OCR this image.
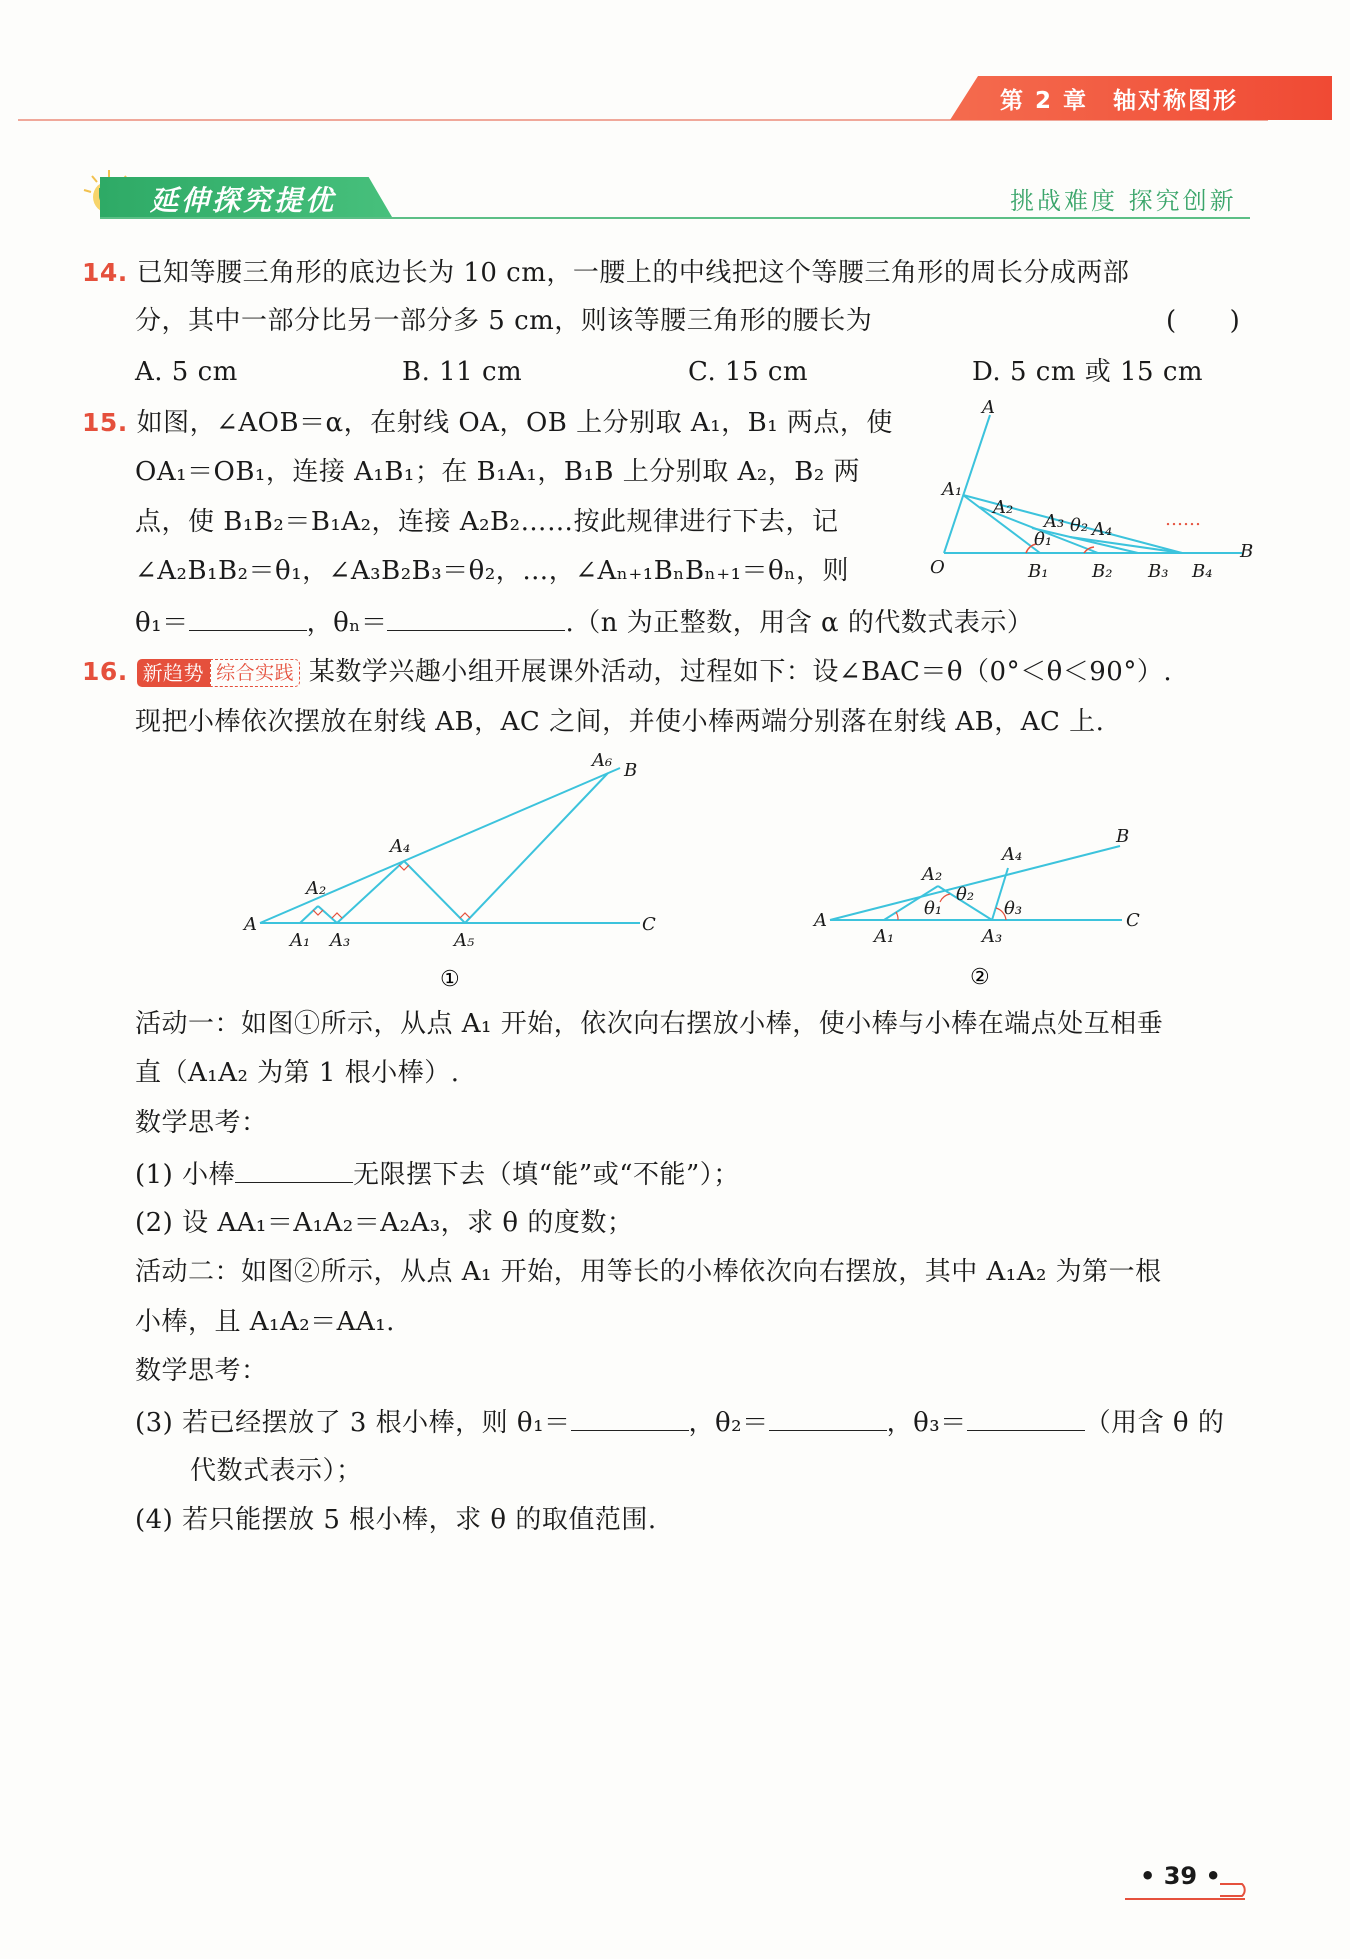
第 2 章　轴对称图形
延伸探究提优	挑战难度 探究创新
14. 已知等腰三角形的底边长为 10 cm，一腰上的中线把这个等腰三角形的周长分成两部
分，其中一部分比另一部分多 5 cm，则该等腰三角形的腰长为	(　　)
A. 5 cm	B. 11 cm	C. 15 cm	D. 5 cm 或 15 cm
15. 如图，∠AOB＝α，在射线 OA，OB 上分别取 A₁，B₁ 两点，使
OA₁＝OB₁，连接 A₁B₁；在 B₁A₁，B₁B 上分别取 A₂，B₂ 两
点，使 B₁B₂＝B₁A₂，连接 A₂B₂……按此规律进行下去，记
∠A₂B₁B₂＝θ₁，∠A₃B₂B₃＝θ₂，…，∠Aₙ₊₁BₙBₙ₊₁＝θₙ，则
θ₁＝	，θₙ＝	.（n 为正整数，用含 α 的代数式表示）
A
A₁
A₂
A₃ θ₂ A₄
θ₁
O	B₁ B₂ B₃ B₄
B
……
16. 新趋势 综合实践 某数学兴趣小组开展课外活动，过程如下：设∠BAC＝θ（0°＜θ＜90°）.
现把小棒依次摆放在射线 AB，AC 之间，并使小棒两端分别落在射线 AB，AC 上.
A₆ B
A₄
A₂
A
A₁ A₃	A₅
C
①
B
A₄
A₂
θ₂
θ₁	θ₃
A
A₁	A₃
C
②
活动一：如图①所示，从点 A₁ 开始，依次向右摆放小棒，使小棒与小棒在端点处互相垂
直（A₁A₂ 为第 1 根小棒）.
数学思考：
(1) 小棒	无限摆下去（填“能”或“不能”）；
(2) 设 AA₁＝A₁A₂＝A₂A₃，求 θ 的度数；
活动二：如图②所示，从点 A₁ 开始，用等长的小棒依次向右摆放，其中 A₁A₂ 为第一根
小棒，且 A₁A₂＝AA₁.
数学思考：
(3) 若已经摆放了 3 根小棒，则 θ₁＝	，θ₂＝	，θ₃＝	（用含 θ 的
代数式表示）；
(4) 若只能摆放 5 根小棒，求 θ 的取值范围.
• 39 •
